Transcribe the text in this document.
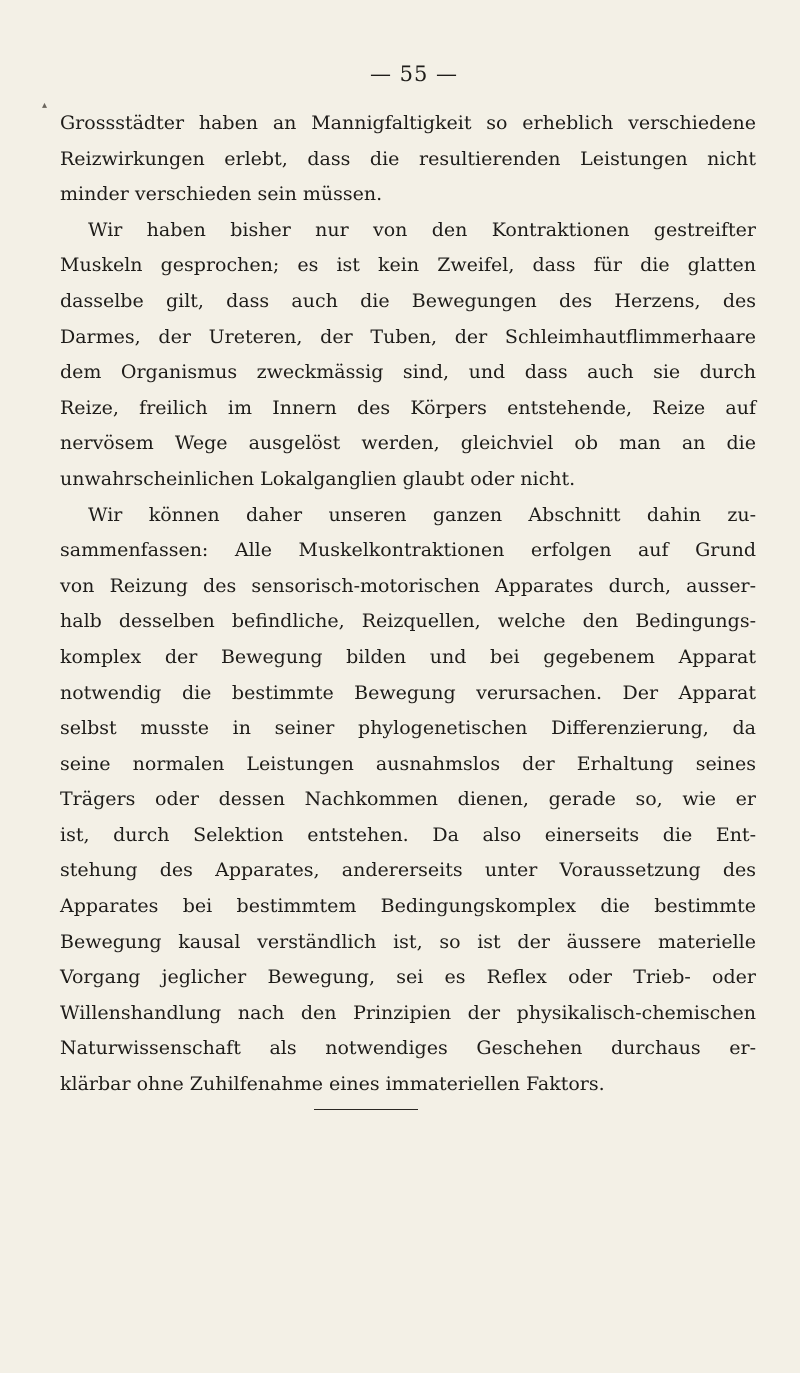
▴
— 55 —
Grossstädter haben an Mannigfaltigkeit so erheblich verschiedene
Reizwirkungen erlebt, dass die resultierenden Leistungen nicht
minder verschieden sein müssen.
Wir haben bisher nur von den Kontraktionen gestreifter
Muskeln gesprochen; es ist kein Zweifel, dass für die glatten
dasselbe gilt, dass auch die Bewegungen des Herzens, des
Darmes, der Ureteren, der Tuben, der Schleimhautflimmerhaare
dem Organismus zweckmässig sind, und dass auch sie durch
Reize, freilich im Innern des Körpers entstehende, Reize auf
nervösem Wege ausgelöst werden, gleichviel ob man an die
unwahrscheinlichen Lokalganglien glaubt oder nicht.
Wir können daher unseren ganzen Abschnitt dahin zu-
sammenfassen: Alle Muskelkontraktionen erfolgen auf Grund
von Reizung des sensorisch-motorischen Apparates durch, ausser-
halb desselben befindliche, Reizquellen, welche den Bedingungs-
komplex der Bewegung bilden und bei gegebenem Apparat
notwendig die bestimmte Bewegung verursachen. Der Apparat
selbst musste in seiner phylogenetischen Differenzierung, da
seine normalen Leistungen ausnahmslos der Erhaltung seines
Trägers oder dessen Nachkommen dienen, gerade so, wie er
ist, durch Selektion entstehen. Da also einerseits die Ent-
stehung des Apparates, andererseits unter Voraussetzung des
Apparates bei bestimmtem Bedingungskomplex die bestimmte
Bewegung kausal verständlich ist, so ist der äussere materielle
Vorgang jeglicher Bewegung, sei es Reflex oder Trieb- oder
Willenshandlung nach den Prinzipien der physikalisch-chemischen
Naturwissenschaft als notwendiges Geschehen durchaus er-
klärbar ohne Zuhilfenahme eines immateriellen Faktors.
